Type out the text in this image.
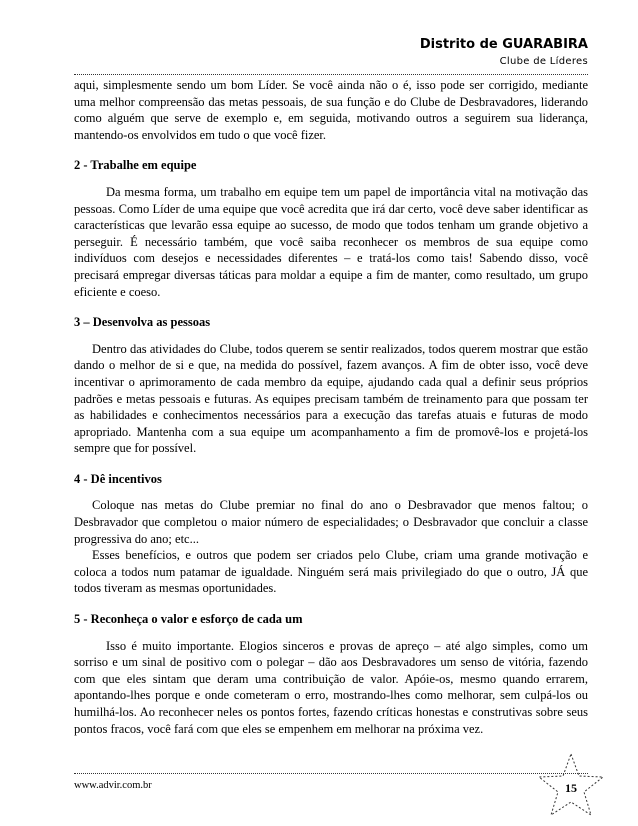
Distrito de GUARABIRA
Clube de Líderes

aqui, simplesmente sendo um bom Líder. Se você ainda não o é, isso pode ser corrigido, mediante uma melhor compreensão das metas pessoais, de sua função e do Clube de Desbravadores, liderando como alguém que serve de exemplo e, em seguida, motivando outros a seguirem sua liderança, mantendo-os envolvidos em tudo o que você fizer.

2 - Trabalhe em equipe

Da mesma forma, um trabalho em equipe tem um papel de importância vital na motivação das pessoas. Como Líder de uma equipe que você acredita que irá dar certo, você deve saber identificar as características que levarão essa equipe ao sucesso, de modo que todos tenham um grande objetivo a perseguir. É necessário também, que você saiba reconhecer os membros de sua equipe como indivíduos com desejos e necessidades diferentes – e tratá-los como tais! Sabendo disso, você precisará empregar diversas táticas para moldar a equipe a fim de manter, como resultado, um grupo eficiente e coeso.

3 – Desenvolva as pessoas

Dentro das atividades do Clube, todos querem se sentir realizados, todos querem mostrar que estão dando o melhor de si e que, na medida do possível, fazem avanços. A fim de obter isso, você deve incentivar o aprimoramento de cada membro da equipe, ajudando cada qual a definir seus próprios padrões e metas pessoais e futuras. As equipes precisam também de treinamento para que possam ter as habilidades e conhecimentos necessários para a execução das tarefas atuais e futuras de modo apropriado. Mantenha com a sua equipe um acompanhamento a fim de promovê-los e projetá-los sempre que for possível.

4 - Dê incentivos

Coloque nas metas do Clube premiar no final do ano o Desbravador que menos faltou; o Desbravador que completou o maior número de especialidades; o Desbravador que concluir a classe progressiva do ano; etc...

Esses benefícios, e outros que podem ser criados pelo Clube, criam uma grande motivação e coloca a todos num patamar de igualdade. Ninguém será mais privilegiado do que o outro, JÁ que todos tiveram as mesmas oportunidades.

5 - Reconheça o valor e esforço de cada um

Isso é muito importante. Elogios sinceros e provas de apreço – até algo simples, como um sorriso e um sinal de positivo com o polegar – dão aos Desbravadores um senso de vitória, fazendo com que eles sintam que deram uma contribuição de valor. Apóie-os, mesmo quando errarem, apontando-lhes porque e onde cometeram o erro, mostrando-lhes como melhorar, sem culpá-los ou humilhá-los. Ao reconhecer neles os pontos fortes, fazendo críticas honestas e construtivas sobre seus pontos fracos, você fará com que eles se empenhem em melhorar na próxima vez.

www.advir.com.br	15
